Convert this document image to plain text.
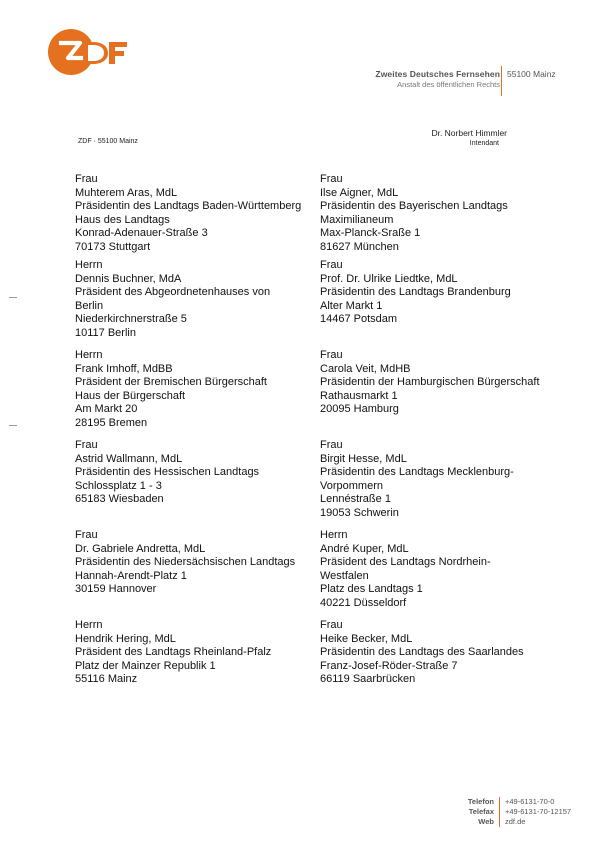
Zweites Deutsches Fernsehen
Anstalt des öffentlichen Rechts
55100 Mainz
ZDF · 55100 Mainz
Dr. Norbert Himmler
Intendant
Frau
Muhterem Aras, MdL
Präsidentin des Landtags Baden-Württemberg
Haus des Landtags
Konrad-Adenauer-Straße 3
70173 Stuttgart
Frau
Ilse Aigner, MdL
Präsidentin des Bayerischen Landtags
Maximilianeum
Max-Planck-Sraße 1
81627 München
Herrn
Dennis Buchner, MdA
Präsident des Abgeordnetenhauses von
Berlin
Niederkirchnerstraße 5
10117 Berlin
Frau
Prof. Dr. Ulrike Liedtke, MdL
Präsidentin des Landtags Brandenburg
Alter Markt 1
14467 Potsdam
Herrn
Frank Imhoff, MdBB
Präsident der Bremischen Bürgerschaft
Haus der Bürgerschaft
Am Markt 20
28195 Bremen
Frau
Carola Veit, MdHB
Präsidentin der Hamburgischen Bürgerschaft
Rathausmarkt 1
20095 Hamburg
Frau
Astrid Wallmann, MdL
Präsidentin des Hessischen Landtags
Schlossplatz 1 - 3
65183 Wiesbaden
Frau
Birgit Hesse, MdL
Präsidentin des Landtags Mecklenburg-
Vorpommern
Lennéstraße 1
19053 Schwerin
Frau
Dr. Gabriele Andretta, MdL
Präsidentin des Niedersächsischen Landtags
Hannah-Arendt-Platz 1
30159 Hannover
Herrn
André Kuper, MdL
Präsident des Landtags Nordrhein-
Westfalen
Platz des Landtags 1
40221 Düsseldorf
Herrn
Hendrik Hering, MdL
Präsident des Landtags Rheinland-Pfalz
Platz der Mainzer Republik 1
55116 Mainz
Frau
Heike Becker, MdL
Präsidentin des Landtags des Saarlandes
Franz-Josef-Röder-Straße 7
66119 Saarbrücken
Telefon
Telefax
Web
+49-6131-70-0
+49-6131-70-12157
zdf.de
